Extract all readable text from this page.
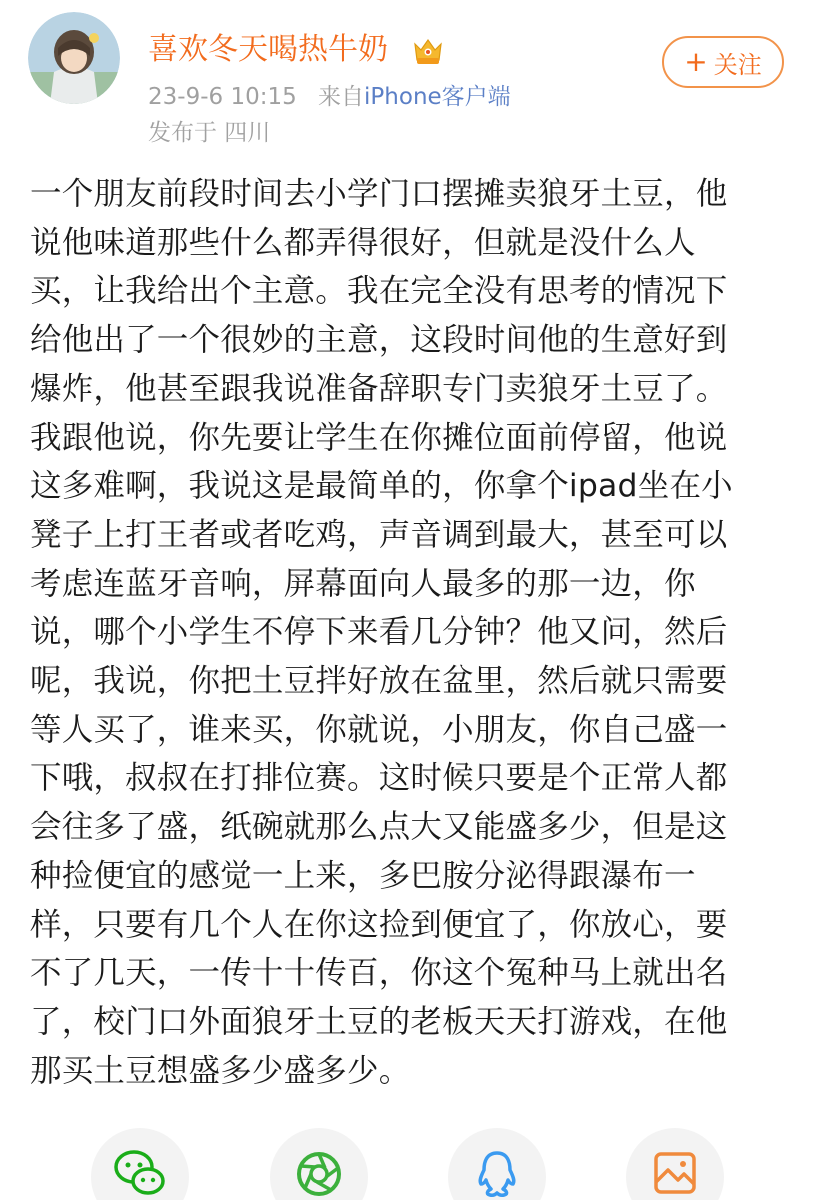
喜欢冬天喝热牛奶
23-9-6 10:15 来自iPhone客户端
发布于 四川
+ 关注
一个朋友前段时间去小学门口摆摊卖狼牙土豆，他
说他味道那些什么都弄得很好，但就是没什么人
买，让我给出个主意。我在完全没有思考的情况下
给他出了一个很妙的主意，这段时间他的生意好到
爆炸，他甚至跟我说准备辞职专门卖狼牙土豆了。
我跟他说，你先要让学生在你摊位面前停留，他说
这多难啊，我说这是最简单的，你拿个ipad坐在小
凳子上打王者或者吃鸡，声音调到最大，甚至可以
考虑连蓝牙音响，屏幕面向人最多的那一边，你
说，哪个小学生不停下来看几分钟？他又问，然后
呢，我说，你把土豆拌好放在盆里，然后就只需要
等人买了，谁来买，你就说，小朋友，你自己盛一
下哦，叔叔在打排位赛。这时候只要是个正常人都
会往多了盛，纸碗就那么点大又能盛多少，但是这
种捡便宜的感觉一上来，多巴胺分泌得跟瀑布一
样，只要有几个人在你这捡到便宜了，你放心，要
不了几天，一传十十传百，你这个冤种马上就出名
了，校门口外面狼牙土豆的老板天天打游戏，在他
那买土豆想盛多少盛多少。
